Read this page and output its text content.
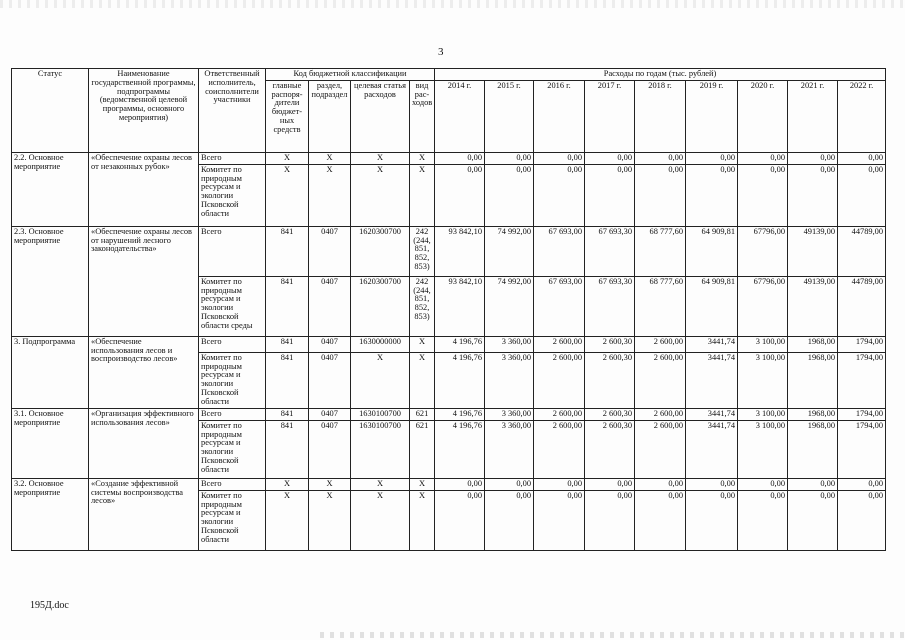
3
Статус	Наименование государственной программы, подпрограммы (ведомственной целевой программы, основного мероприятия)	Ответственный исполнитель, соисполнители участники	Код бюджетной классификации				Расходы по годам (тыс. рублей)								
			главные распоря- дители бюджет- ных средств	раздел, подраздел	целевая статья расходов	вид рас- ходов	2014 г.	2015 г.	2016 г.	2017 г.	2018 г.	2019 г.	2020 г.	2021 г.	2022 г.
2.2. Основное мероприятие	«Обеспечение охраны лесов от незаконных рубок»	Всего	Х	Х	Х	Х	0,00	0,00	0,00	0,00	0,00	0,00	0,00	0,00	0,00
		Комитет по природным ресурсам и экологии Псковской области	Х	Х	Х	Х	0,00	0,00	0,00	0,00	0,00	0,00	0,00	0,00	0,00
2.3. Основное мероприятие	«Обеспечение охраны лесов от нарушений лесного законодательства»	Всего	841	0407	1620300700	242 (244, 851, 852, 853)	93 842,10	74 992,00	67 693,00	67 693,30	68 777,60	64 909,81	67796,00	49139,00	44789,00
		Комитет по природным ресурсам и экологии Псковской области среды	841	0407	1620300700	242 (244, 851, 852, 853)	93 842,10	74 992,00	67 693,00	67 693,30	68 777,60	64 909,81	67796,00	49139,00	44789,00
3. Подпрограмма	«Обеспечение использования лесов и воспроизводство лесов»	Всего	841	0407	1630000000	Х	4 196,76	3 360,00	2 600,00	2 600,30	2 600,00	3441,74	3 100,00	1968,00	1794,00
		Комитет по природным ресурсам и экологии Псковской области	841	0407	Х	Х	4 196,76	3 360,00	2 600,00	2 600,30	2 600,00	3441,74	3 100,00	1968,00	1794,00
3.1. Основное мероприятие	«Организация эффективного использования лесов»	Всего	841	0407	1630100700	621	4 196,76	3 360,00	2 600,00	2 600,30	2 600,00	3441,74	3 100,00	1968,00	1794,00
		Комитет по природным ресурсам и экологии Псковской области	841	0407	1630100700	621	4 196,76	3 360,00	2 600,00	2 600,30	2 600,00	3441,74	3 100,00	1968,00	1794,00
3.2. Основное мероприятие	«Создание эффективной системы воспроизводства лесов»	Всего	Х	Х	Х	Х	0,00	0,00	0,00	0,00	0,00	0,00	0,00	0,00	0,00
		Комитет по природным ресурсам и экологии Псковской области	Х	Х	Х	Х	0,00	0,00	0,00	0,00	0,00	0,00	0,00	0,00	0,00
195Д.doc
